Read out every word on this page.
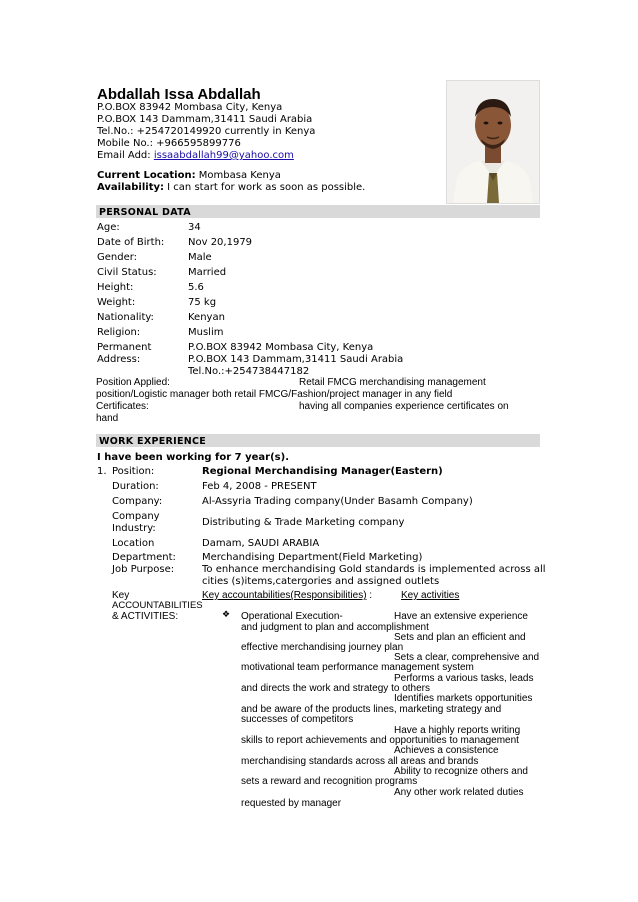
Abdallah Issa Abdallah
P.O.BOX 83942 Mombasa City, Kenya
P.O.BOX 143 Dammam,31411 Saudi Arabia
Tel.No.: +254720149920 currently in Kenya
Mobile No.: +966595899776
Email Add: issaabdallah99@yahoo.com
Current Location: Mombasa Kenya
Availability: I can start for work as soon as possible.
PERSONAL DATA
Age:	34
Date of Birth: Nov 20,1979
Gender:	Male
Civil Status:	Married
Height:	5.6
Weight:	75 kg
Nationality:	Kenyan
Religion:	Muslim
Permanent
Address:
P.O.BOX 83942 Mombasa City, Kenya
P.O.BOX 143 Dammam,31411 Saudi Arabia
Tel.No.:+254738447182
Position Applied:	Retail FMCG merchandising management
position/Logistic manager both retail FMCG/Fashion/project manager in any field
Certificates:	having all companies experience certificates on
hand
WORK EXPERIENCE
I have been working for 7 year(s).
1. Position:	Regional Merchandising Manager(Eastern)
Duration:	Feb 4, 2008 - PRESENT
Company:	Al-Assyria Trading company(Under Basamh Company)
Company
Industry:
Distributing & Trade Marketing company
Location	Damam, SAUDI ARABIA
Department:	Merchandising Department(Field Marketing)
Job Purpose:	To enhance merchandising Gold standards is implemented across all
cities (s)items,catergories and assigned outlets
Key
ACCOUNTABILITIES
& ACTIVITIES:
Key accountabilities(Responsibilities) :	Key activities
❖ Operational Execution-	Have an extensive experience
and judgment to plan and accomplishment
Sets and plan an efficient and
effective merchandising journey plan
Sets a clear, comprehensive and
motivational team performance management system
Performs a various tasks, leads
and directs the work and strategy to others
Identifies markets opportunities
and be aware of the products lines, marketing strategy and
successes of competitors
Have a highly reports writing
skills to report achievements and opportunities to management
Achieves a consistence
merchandising standards across all areas and brands
Ability to recognize others and
sets a reward and recognition programs
Any other work related duties
requested by manager
